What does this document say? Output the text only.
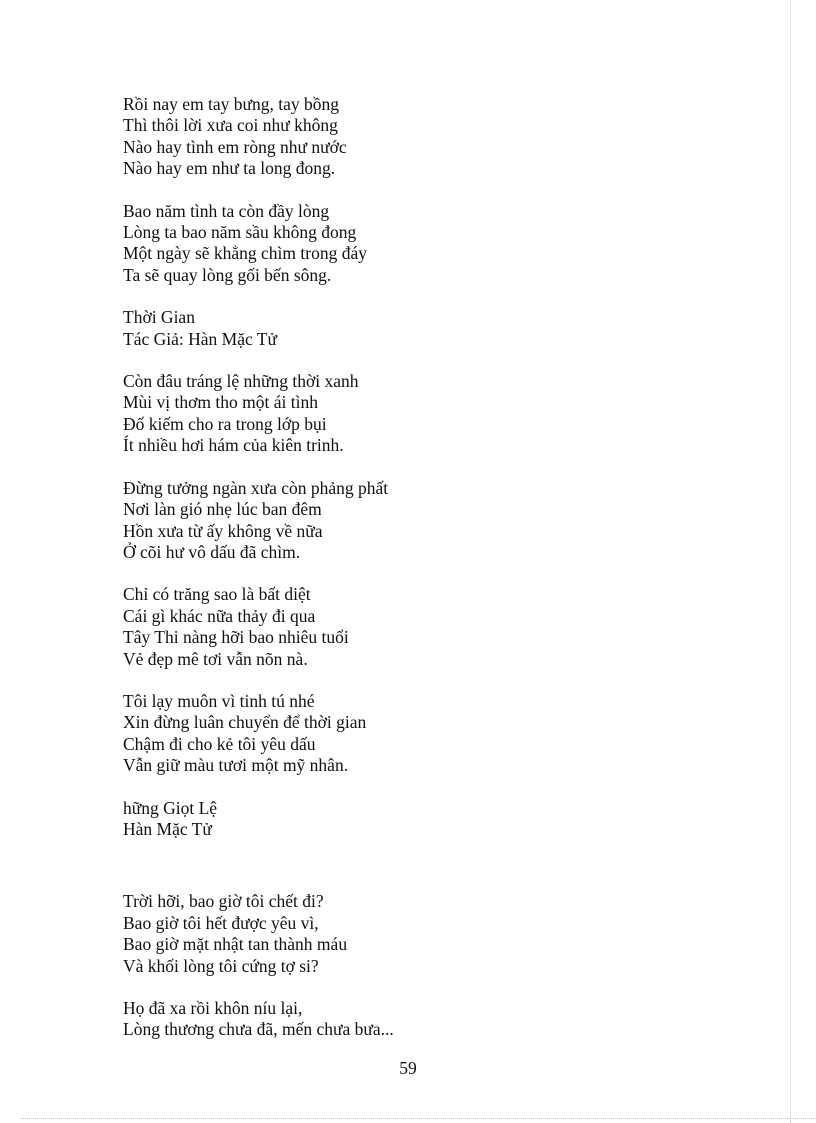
Rồi nay em tay bưng, tay bồng
Thì thôi lời xưa coi như không
Nào hay tình em ròng như nước
Nào hay em như ta long đong.
Bao năm tình ta còn đầy lòng
Lòng ta bao năm sầu không đong
Một ngày sẽ khẳng chìm trong đáy
Ta sẽ quay lòng gối bến sông.
Thời Gian
Tác Giả: Hàn Mặc Tử
Còn đâu tráng lệ những thời xanh
Mùi vị thơm tho một ái tình
Đố kiếm cho ra trong lớp bụi
Ít nhiều hơi hám của kiên trinh.
Đừng tưởng ngàn xưa còn phảng phất
Nơi làn gió nhẹ lúc ban đêm
Hồn xưa từ ấy không về nữa
Ở cõi hư vô dấu đã chìm.
Chỉ có trăng sao là bất diệt
Cái gì khác nữa thảy đi qua
Tây Thi nàng hỡi bao nhiêu tuổi
Vẻ đẹp mê tơi vẫn nõn nà.
Tôi lạy muôn vì tinh tú nhé
Xin đừng luân chuyển để thời gian
Chậm đi cho kẻ tôi yêu dấu
Vẫn giữ màu tươi một mỹ nhân.
hững Giọt Lệ
Hàn Mặc Tử
Trời hỡi, bao giờ tôi chết đi?
Bao giờ tôi hết được yêu vì,
Bao giờ mặt nhật tan thành máu
Và khối lòng tôi cứng tợ si?
Họ đã xa rồi khôn níu lại,
Lòng thương chưa đã, mến chưa bưa...
59
